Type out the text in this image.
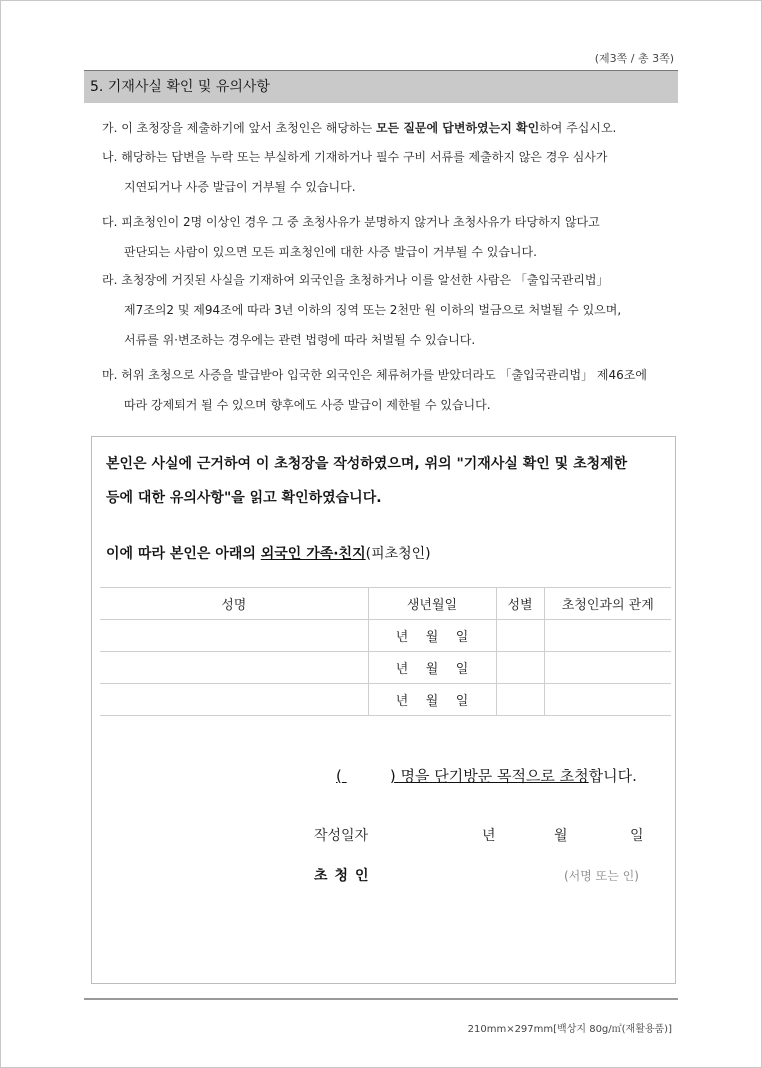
(제3쪽 / 총 3쪽)
5. 기재사실 확인 및 유의사항
가. 이 초청장을 제출하기에 앞서 초청인은 해당하는 모든 질문에 답변하였는지 확인하여 주십시오.
나. 해당하는 답변을 누락 또는 부실하게 기재하거나 필수 구비 서류를 제출하지 않은 경우 심사가
지연되거나 사증 발급이 거부될 수 있습니다.
다. 피초청인이 2명 이상인 경우 그 중 초청사유가 분명하지 않거나 초청사유가 타당하지 않다고
판단되는 사람이 있으면 모든 피초청인에 대한 사증 발급이 거부될 수 있습니다.
라. 초청장에 거짓된 사실을 기재하여 외국인을 초청하거나 이를 알선한 사람은 「출입국관리법」
제7조의2 및 제94조에 따라 3년 이하의 징역 또는 2천만 원 이하의 벌금으로 처벌될 수 있으며,
서류를 위·변조하는 경우에는 관련 법령에 따라 처벌될 수 있습니다.
마. 허위 초청으로 사증을 발급받아 입국한 외국인은 체류허가를 받았더라도 「출입국관리법」 제46조에
따라 강제퇴거 될 수 있으며 향후에도 사증 발급이 제한될 수 있습니다.
본인은 사실에 근거하여 이 초청장을 작성하였으며, 위의 "기재사실 확인 및 초청제한
등에 대한 유의사항"을 읽고 확인하였습니다.
이에 따라 본인은 아래의 외국인 가족·친지(피초청인)
성명	생년월일	성별	초청인과의 관계
	년 월 일		
	년 월 일		
	년 월 일		
(	) 명을 단기방문 목적으로 초청합니다.
작성일자	년	월	일
초청인	(서명 또는 인)
210mm×297mm[백상지 80g/㎡(재활용품)]
